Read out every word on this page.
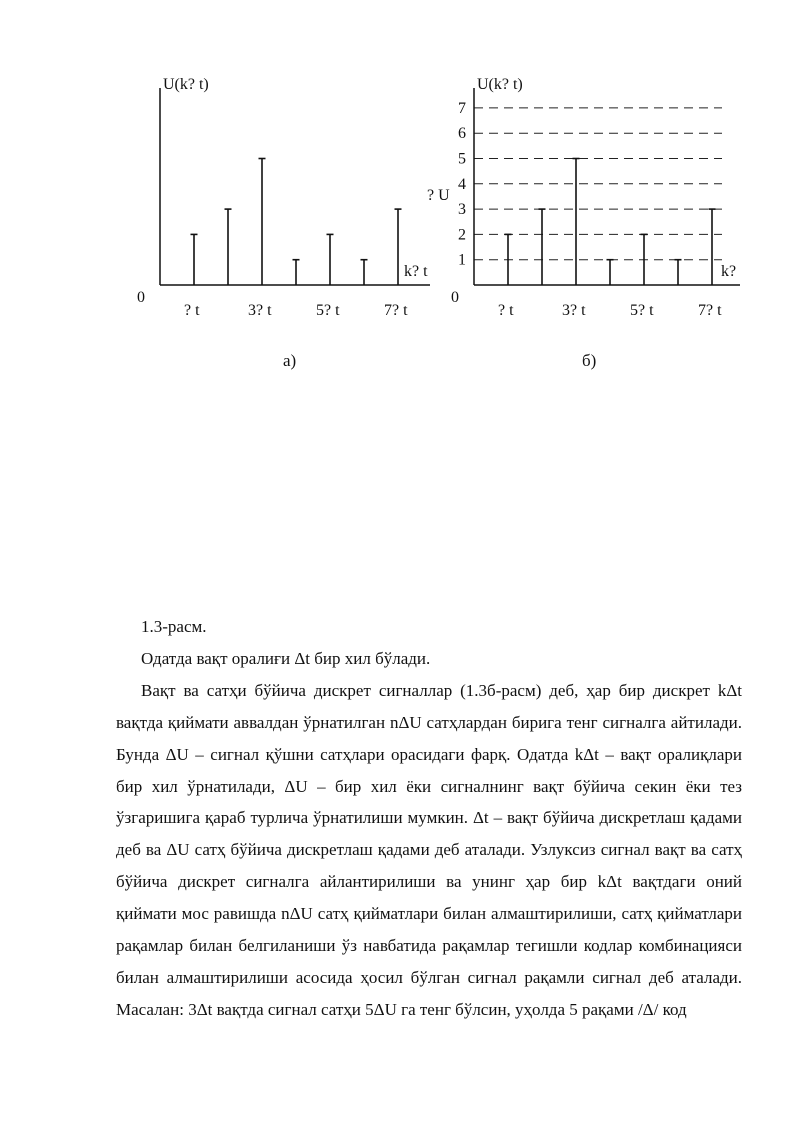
U(k? t)
k? t
0
? t	3? t	5? t	7? t
U(k? t)
k?
0
? U
? t	3? t	5? t	7? t
1
2
3
4
5
6
7
а)	б)

1.3-расм.

Одатда вақт оралиғи Δt бир хил бўлади.

Вақт ва сатҳи бўйича дискрет сигналлар (1.3б-расм) деб, ҳар бир дискрет kΔt вақтда қиймати аввалдан ўрнатилган nΔU сатҳлардан бирига тенг сигналга айтилади. Бунда ΔU – сигнал қўшни сатҳлари орасидаги фарқ. Одатда kΔt – вақт оралиқлари бир хил ўрнатилади, ΔU – бир хил ёки сигналнинг вақт бўйича секин ёки тез ўзгаришига қараб турлича ўрнатилиши мумкин. Δt – вақт бўйича дискретлаш қадами деб ва ΔU сатҳ бўйича дискретлаш қадами деб аталади. Узлуксиз сигнал вақт ва сатҳ бўйича дискрет сигналга айлантирилиши ва унинг ҳар бир kΔt вақтдаги оний қиймати мос равишда nΔU сатҳ қийматлари билан алмаштирилиши, сатҳ қийматлари рақамлар билан белгиланиши ўз навбатида рақамлар тегишли кодлар комбинацияси билан алмаштирилиши асосида ҳосил бўлган сигнал рақамли сигнал деб аталади. Масалан: 3Δt вақтда сигнал сатҳи 5ΔU га тенг бўлсин, уҳолда 5 рақами /Δ/ код
